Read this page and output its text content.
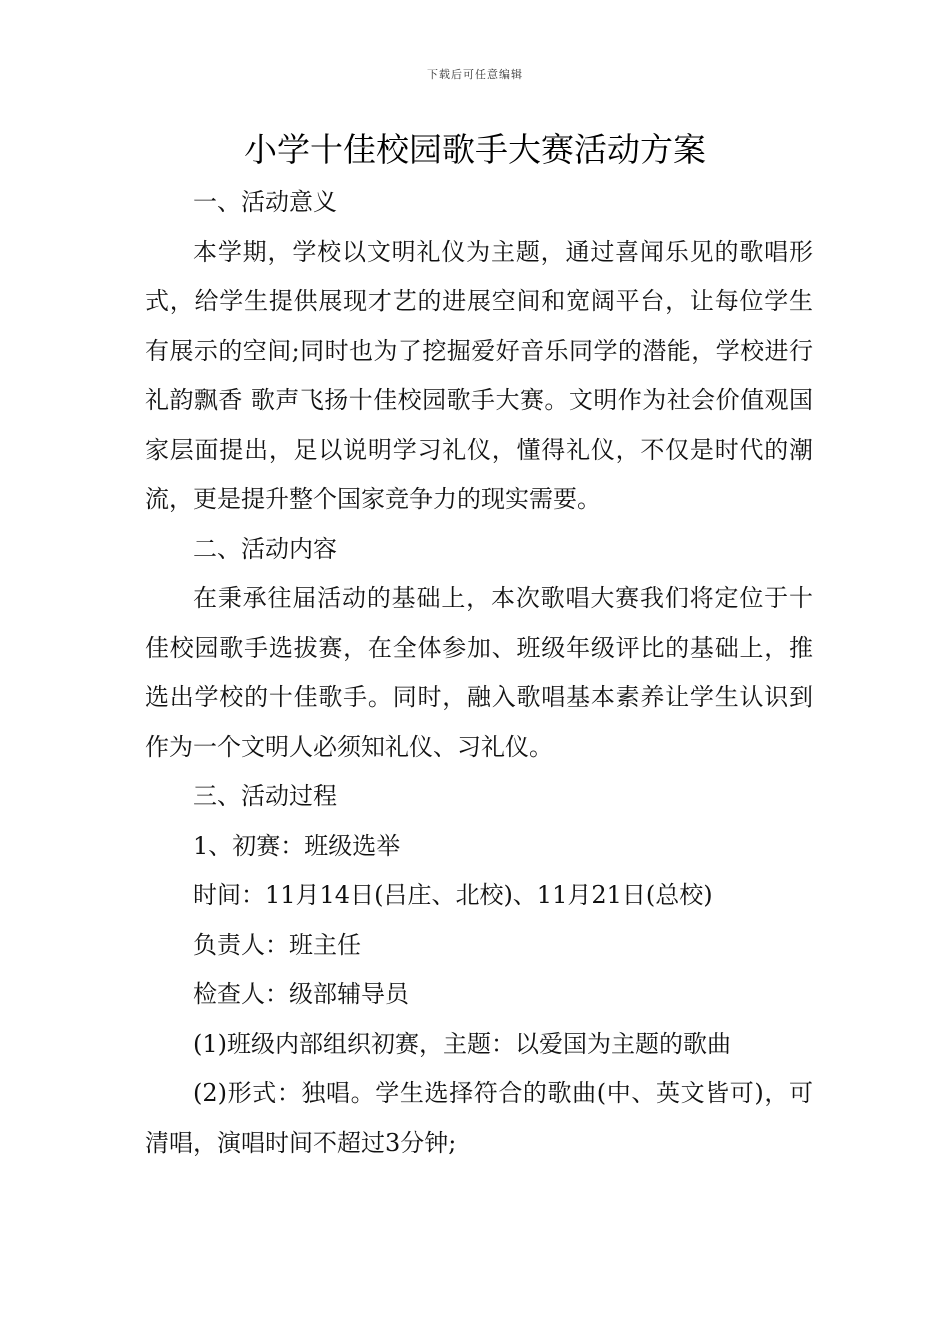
下载后可任意编辑
小学十佳校园歌手大赛活动方案

一、活动意义

本学期，学校以文明礼仪为主题，通过喜闻乐见的歌唱形式，给学生提供展现才艺的进展空间和宽阔平台，让每位学生有展示的空间;同时也为了挖掘爱好音乐同学的潜能，学校进行礼韵飘香 歌声飞扬十佳校园歌手大赛。文明作为社会价值观国家层面提出，足以说明学习礼仪，懂得礼仪，不仅是时代的潮流，更是提升整个国家竞争力的现实需要。

二、活动内容

在秉承往届活动的基础上，本次歌唱大赛我们将定位于十佳校园歌手选拔赛，在全体参加、班级年级评比的基础上，推选出学校的十佳歌手。同时，融入歌唱基本素养让学生认识到作为一个文明人必须知礼仪、习礼仪。

三、活动过程

1、初赛：班级选举

时间：11月14日(吕庄、北校)、11月21日(总校)

负责人：班主任

检查人：级部辅导员

(1)班级内部组织初赛，主题：以爱国为主题的歌曲

(2)形式：独唱。学生选择符合的歌曲(中、英文皆可)，可清唱，演唱时间不超过3分钟;
